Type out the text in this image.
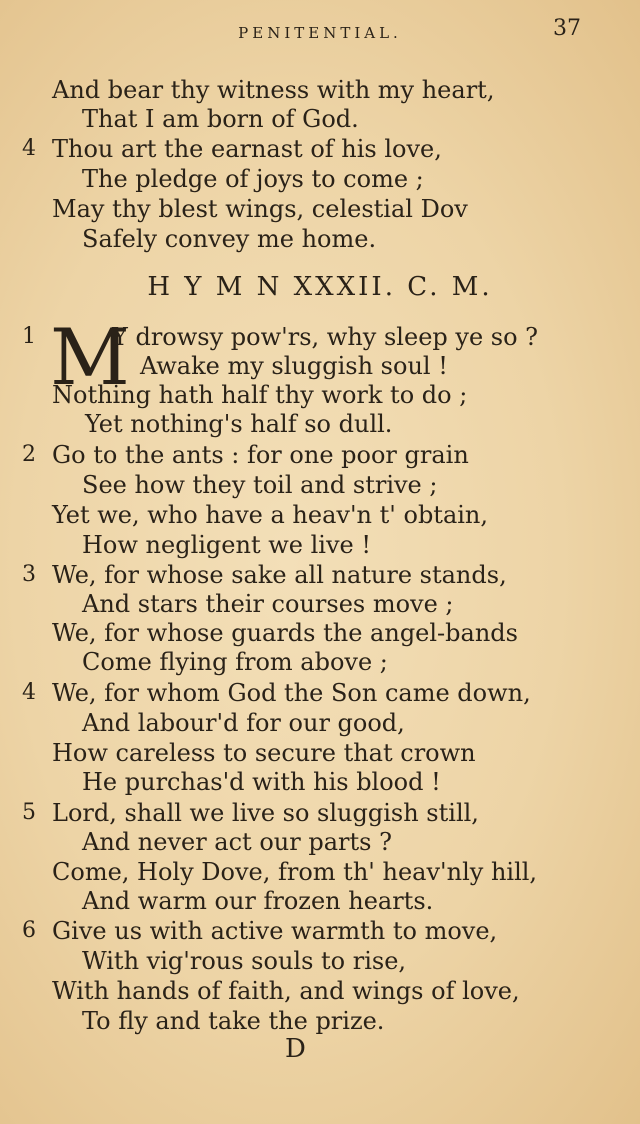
PENITENTIAL.	37
And bear thy witness with my heart,
That I am born of God.
4 Thou art the earnast of his love,
The pledge of joys to come ;
May thy blest wings, celestial Dov
Safely convey me home.
H Y M N XXXII. C. M.
1 M
Y drowsy pow'rs, why sleep ye so ?
Awake my sluggish soul !
Nothing hath half thy work to do ;
Yet nothing's half so dull.
2 Go to the ants : for one poor grain
See how they toil and strive ;
Yet we, who have a heav'n t' obtain,
How negligent we live !
3 We, for whose sake all nature stands,
And stars their courses move ;
We, for whose guards the angel-bands
Come flying from above ;
4 We, for whom God the Son came down,
And labour'd for our good,
How careless to secure that crown
He purchas'd with his blood !
5 Lord, shall we live so sluggish still,
And never act our parts ?
Come, Holy Dove, from th' heav'nly hill,
And warm our frozen hearts.
6 Give us with active warmth to move,
With vig'rous souls to rise,
With hands of faith, and wings of love,
To fly and take the prize.
D
